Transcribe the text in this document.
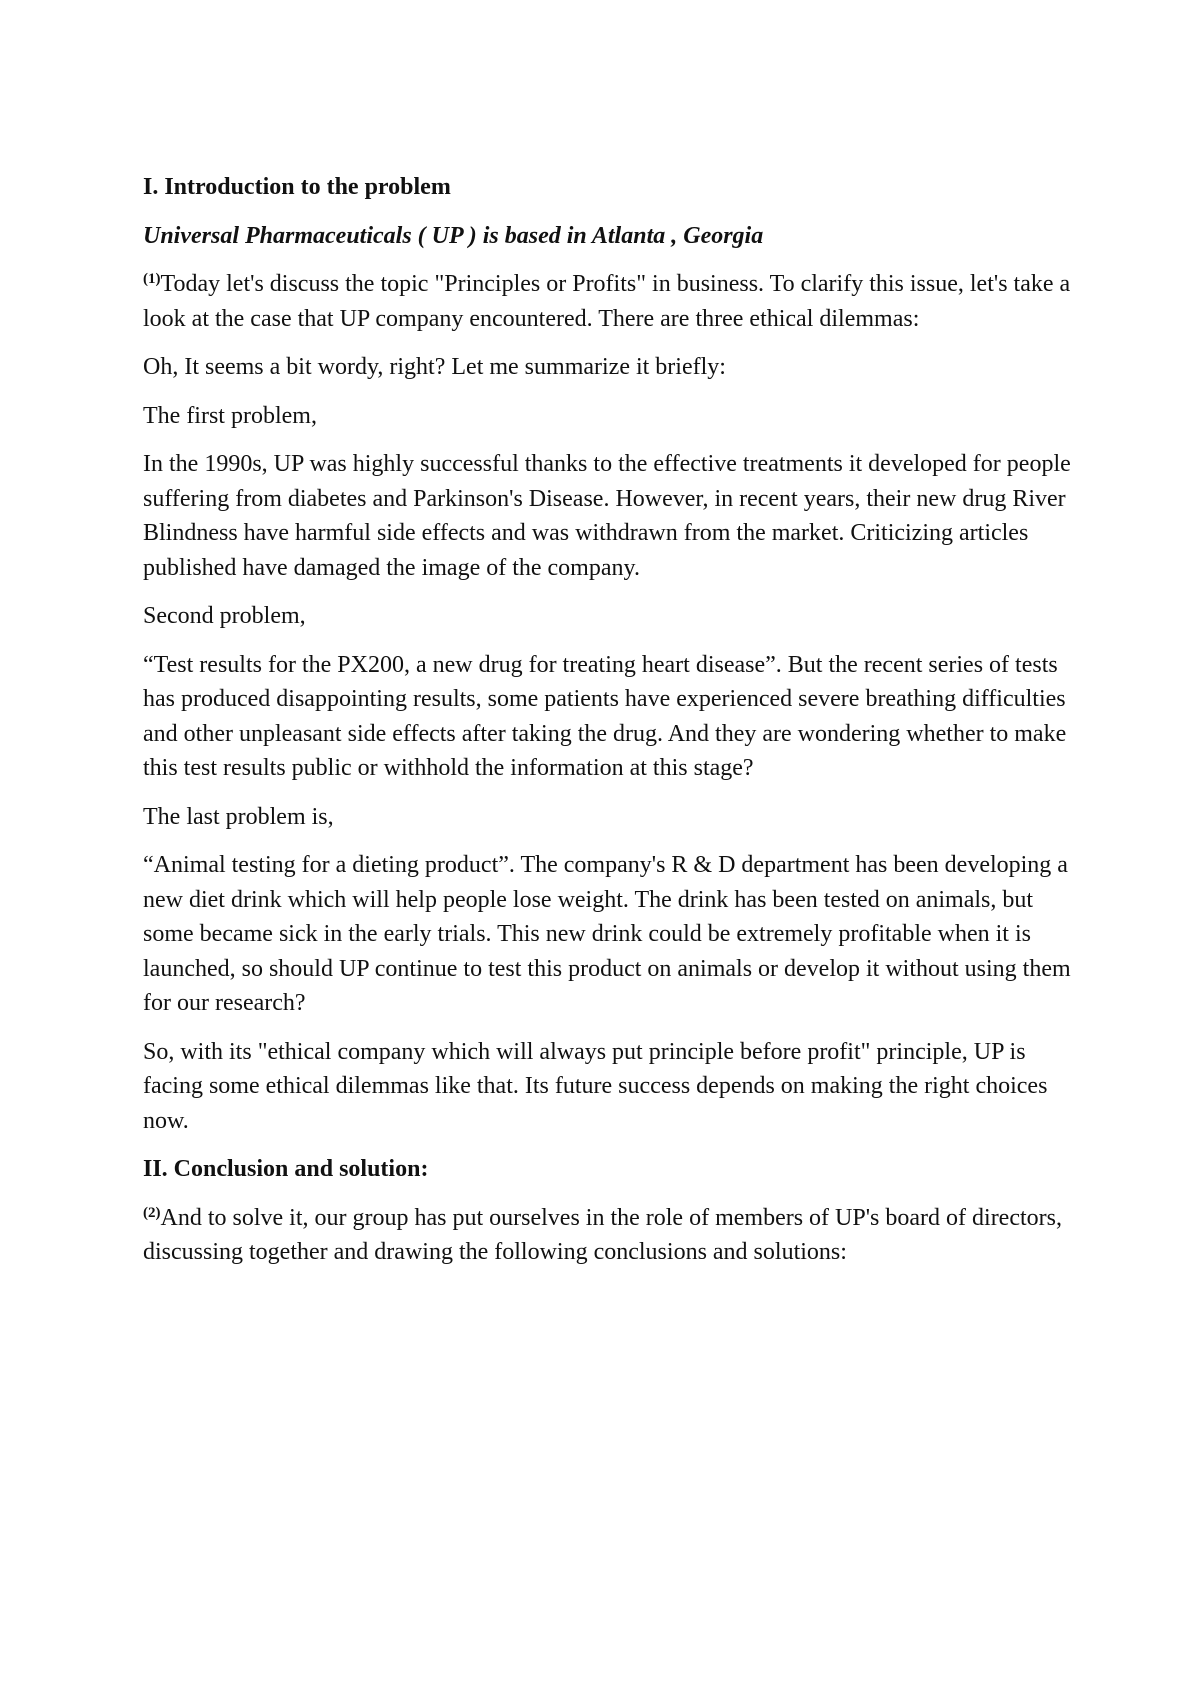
I. Introduction to the problem

Universal Pharmaceuticals ( UP ) is based in Atlanta , Georgia

$^{(1)}$Today let's discuss the topic "Principles or Profits" in business. To clarify this issue, let's take a look at the case that UP company encountered. There are three ethical dilemmas:

Oh, It seems a bit wordy, right? Let me summarize it briefly:

The first problem,

In the 1990s, UP was highly successful thanks to the effective treatments it developed for people suffering from diabetes and Parkinson's Disease. However, in recent years, their new drug River Blindness have harmful side effects and was withdrawn from the market. Criticizing articles published have damaged the image of the company.

Second problem,

“Test results for the PX200, a new drug for treating heart disease”. But the recent series of tests has produced disappointing results, some patients have experienced severe breathing difficulties and other unpleasant side effects after taking the drug. And they are wondering whether to make this test results public or withhold the information at this stage?

The last problem is,

“Animal testing for a dieting product”. The company's R & D department has been developing a new diet drink which will help people lose weight. The drink has been tested on animals, but some became sick in the early trials. This new drink could be extremely profitable when it is launched, so should UP continue to test this product on animals or develop it without using them for our research?

So, with its "ethical company which will always put principle before profit" principle, UP is facing some ethical dilemmas like that. Its future success depends on making the right choices now.

II. Conclusion and solution:

$^{(2)}$And to solve it, our group has put ourselves in the role of members of UP's board of directors, discussing together and drawing the following conclusions and solutions:
